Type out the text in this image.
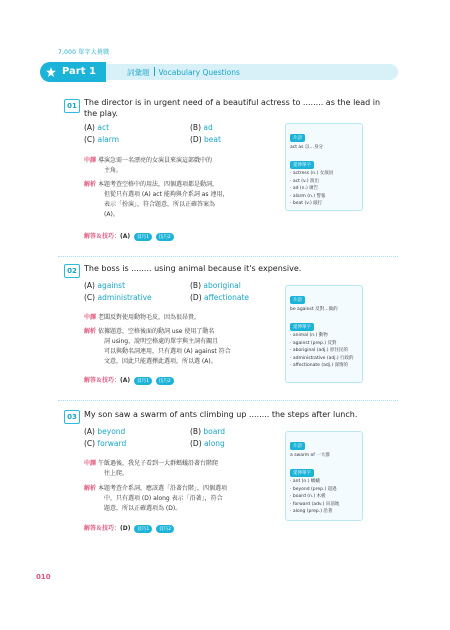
7,000 單字大挑戰
Part 1	詞彙題 Vocabulary Questions
01 The director is in urgent need of a beautiful actress to ........ as the lead in
the play.
(A) act	(B) ad
(C) alarm	(D) beat	片語
act as 以…身分
延伸單字
· actress (n.) 女演員
· act (v.) 演出
· ad (n.) 廣告
· alarm (n.) 警報
· beat (v.) 敲打
中譯 導演急需一名漂亮的女演員來演這部戲中的
主角。
解析 本題考查空格中的用法，四個選項都是動詞，
但從只有選項 (A) act 能夠與介系詞 as 連用，
表示「扮演」，符合題意，所以正確答案為
(A)。
解答＆技巧：(A) 技巧1 技巧2
02 The boss is ........ using animal because it's expensive.
(A) against	(B) aboriginal
(C) administrative	(D) affectionate	片語
be against 反對…做的
延伸單字
· animal (n.) 動物
· against (prep.) 反對
· aboriginal (adj.) 原住民的
· administrative (adj.) 行政的
· affectionate (adj.) 深情的
中譯 老闆反對使用動物毛皮，因為很昂貴。
解析 依據題意，空格後面的動詞 use 使用了動名
詞 using，說明空格處的單字與主詞有關且
可以與動名詞連用，只有選項 (A) against 符合
文意，因此只能選擇此選項，所以選 (A)。
解答＆技巧：(A) 技巧1 技巧2
03 My son saw a swarm of ants climbing up ........ the steps after lunch.
(A) beyond	(B) board
(C) forward	(D) along	片語
a swarm of 一大群
延伸單字
· ant (n.) 螞蟻
· beyond (prep.) 超過
· board (n.) 木板
· forward (adv.) 向前地
· along (prep.) 沿著
中譯 午飯過後，我兒子看到一大群螞蟻沿著台階爬
往上爬。
解析 本題考查介系詞，應該選「沿著台階」，四個選項
中，只有選項 (D) along 表示「沿著」，符合
題意，所以正確選項為 (D)。
解答＆技巧：(D) 技巧1 技巧2
010
